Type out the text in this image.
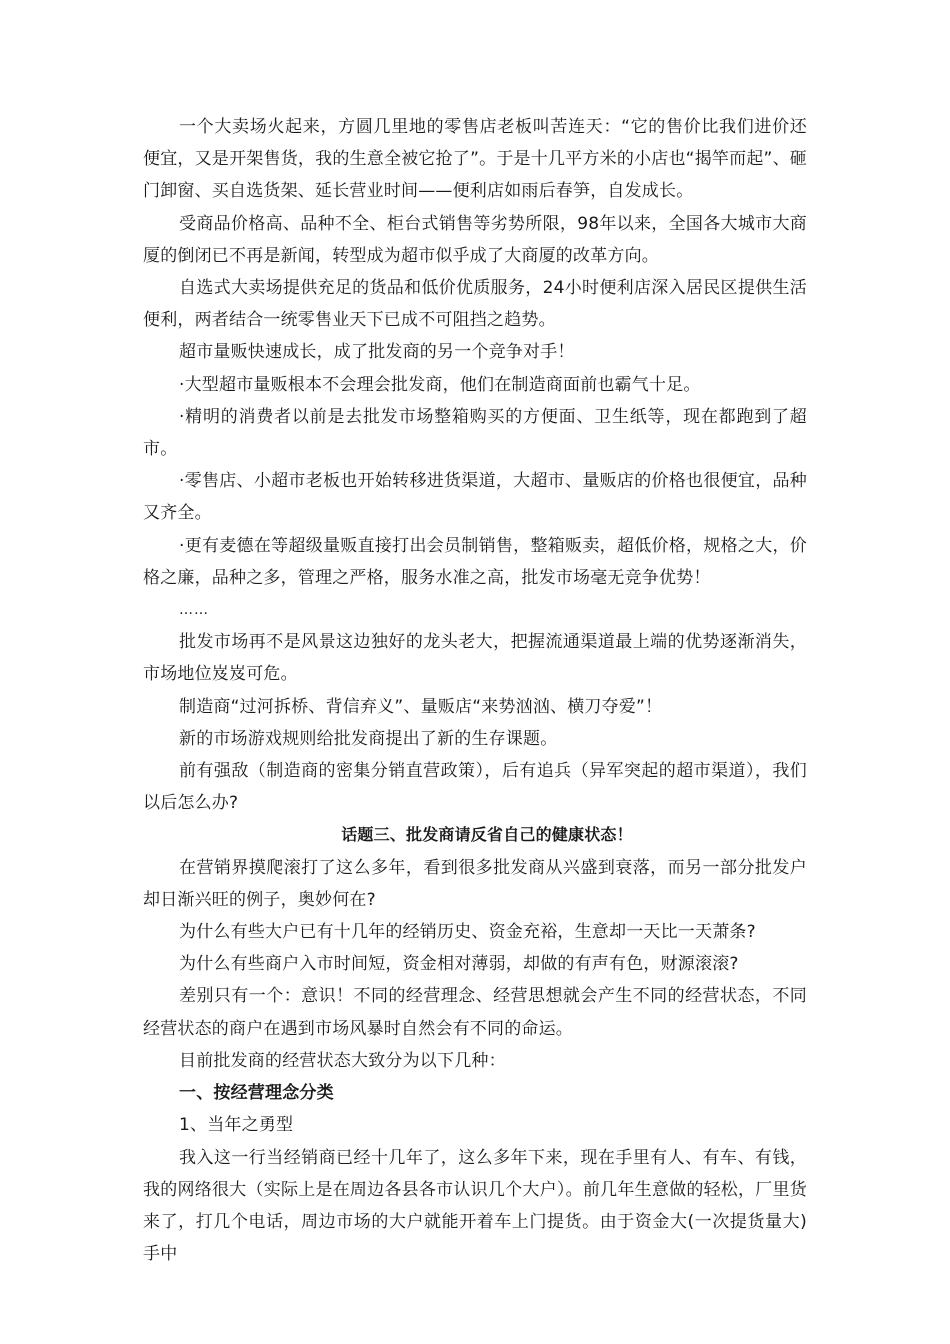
一个大卖场火起来，方圆几里地的零售店老板叫苦连天：“它的售价比我们进价还便宜，又是开架售货，我的生意全被它抢了”。于是十几平方米的小店也“揭竿而起”、砸门卸窗、买自选货架、延长营业时间——便利店如雨后春笋，自发成长。

受商品价格高、品种不全、柜台式销售等劣势所限，98年以来，全国各大城市大商厦的倒闭已不再是新闻，转型成为超市似乎成了大商厦的改革方向。

自选式大卖场提供充足的货品和低价优质服务，24小时便利店深入居民区提供生活便利，两者结合一统零售业天下已成不可阻挡之趋势。

超市量贩快速成长，成了批发商的另一个竞争对手！

·大型超市量贩根本不会理会批发商，他们在制造商面前也霸气十足。

·精明的消费者以前是去批发市场整箱购买的方便面、卫生纸等，现在都跑到了超市。

·零售店、小超市老板也开始转移进货渠道，大超市、量贩店的价格也很便宜，品种又齐全。

·更有麦德在等超级量贩直接打出会员制销售，整箱贩卖，超低价格，规格之大，价格之廉，品种之多，管理之严格，服务水准之高，批发市场毫无竞争优势！

……

批发市场再不是风景这边独好的龙头老大，把握流通渠道最上端的优势逐渐消失，市场地位岌岌可危。

制造商“过河拆桥、背信弃义”、量贩店“来势汹汹、横刀夺爱”！

新的市场游戏规则给批发商提出了新的生存课题。

前有强敌（制造商的密集分销直营政策），后有追兵（异军突起的超市渠道），我们以后怎么办?

话题三、批发商请反省自己的健康状态！

在营销界摸爬滚打了这么多年，看到很多批发商从兴盛到衰落，而另一部分批发户却日渐兴旺的例子，奥妙何在?

为什么有些大户已有十几年的经销历史、资金充裕，生意却一天比一天萧条?

为什么有些商户入市时间短，资金相对薄弱，却做的有声有色，财源滚滚?

差别只有一个：意识！不同的经营理念、经营思想就会产生不同的经营状态，不同经营状态的商户在遇到市场风暴时自然会有不同的命运。

目前批发商的经营状态大致分为以下几种：

一、按经营理念分类

1、当年之勇型

我入这一行当经销商已经十几年了，这么多年下来，现在手里有人、有车、有钱，我的网络很大（实际上是在周边各县各市认识几个大户）。前几年生意做的轻松，厂里货来了，打几个电话，周边市场的大户就能开着车上门提货。由于资金大(一次提货量大)手中
